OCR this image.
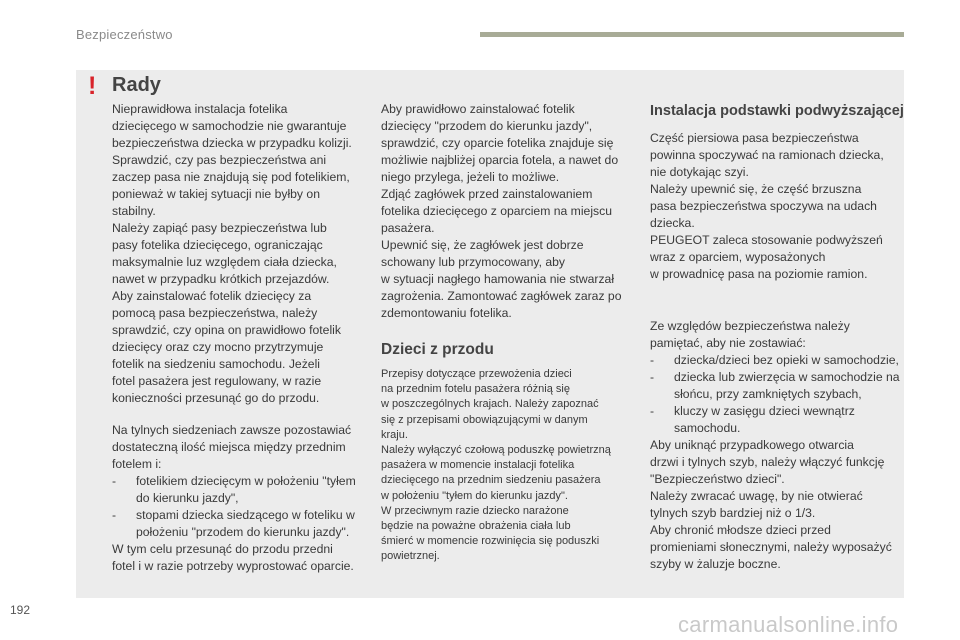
Bezpieczeństwo
! Rady

Nieprawidłowa instalacja fotelika
dziecięcego w samochodzie nie gwarantuje
bezpieczeństwa dziecka w przypadku kolizji.
Sprawdzić, czy pas bezpieczeństwa ani
zaczep pasa nie znajdują się pod fotelikiem,
ponieważ w takiej sytuacji nie byłby on
stabilny.
Należy zapiąć pasy bezpieczeństwa lub
pasy fotelika dziecięcego, ograniczając
maksymalnie luz względem ciała dziecka,
nawet w przypadku krótkich przejazdów.
Aby zainstalować fotelik dziecięcy za
pomocą pasa bezpieczeństwa, należy
sprawdzić, czy opina on prawidłowo fotelik
dziecięcy oraz czy mocno przytrzymuje
fotelik na siedzeniu samochodu. Jeżeli
fotel pasażera jest regulowany, w razie
konieczności przesunąć go do przodu.

Na tylnych siedzeniach zawsze pozostawiać
dostateczną ilość miejsca między przednim
fotelem i:

- fotelikiem dziecięcym w położeniu "tyłem do kierunku jazdy",
- stopami dziecka siedzącego w foteliku w położeniu "przodem do kierunku jazdy".

W tym celu przesunąć do przodu przedni
fotel i w razie potrzeby wyprostować oparcie.

Aby prawidłowo zainstalować fotelik
dziecięcy "przodem do kierunku jazdy",
sprawdzić, czy oparcie fotelika znajduje się
możliwie najbliżej oparcia fotela, a nawet do
niego przylega, jeżeli to możliwe.
Zdjąć zagłówek przed zainstalowaniem
fotelika dziecięcego z oparciem na miejscu
pasażera.
Upewnić się, że zagłówek jest dobrze
schowany lub przymocowany, aby
w sytuacji nagłego hamowania nie stwarzał
zagrożenia. Zamontować zagłówek zaraz po
zdemontowaniu fotelika.

Dzieci z przodu

Przepisy dotyczące przewożenia dzieci
na przednim fotelu pasażera różnią się
w poszczególnych krajach. Należy zapoznać
się z przepisami obowiązującymi w danym
kraju.
Należy wyłączyć czołową poduszkę powietrzną
pasażera w momencie instalacji fotelika
dziecięcego na przednim siedzeniu pasażera
w położeniu "tyłem do kierunku jazdy".
W przeciwnym razie dziecko narażone
będzie na poważne obrażenia ciała lub
śmierć w momencie rozwinięcia się poduszki
powietrznej.

Instalacja podstawki podwyższającej

Część piersiowa pasa bezpieczeństwa
powinna spoczywać na ramionach dziecka,
nie dotykając szyi.
Należy upewnić się, że część brzuszna
pasa bezpieczeństwa spoczywa na udach
dziecka.
PEUGEOT zaleca stosowanie podwyższeń
wraz z oparciem, wyposażonych
w prowadnicę pasa na poziomie ramion.

Ze względów bezpieczeństwa należy
pamiętać, aby nie zostawiać:

- dziecka/dzieci bez opieki w samochodzie,
- dziecka lub zwierzęcia w samochodzie na słońcu, przy zamkniętych szybach,
- kluczy w zasięgu dzieci wewnątrz samochodu.

Aby uniknąć przypadkowego otwarcia
drzwi i tylnych szyb, należy włączyć funkcję
"Bezpieczeństwo dzieci".
Należy zwracać uwagę, by nie otwierać
tylnych szyb bardziej niż o 1/3.
Aby chronić młodsze dzieci przed
promieniami słonecznymi, należy wyposażyć
szyby w żaluzje boczne.

192
carmanualsonline.info
